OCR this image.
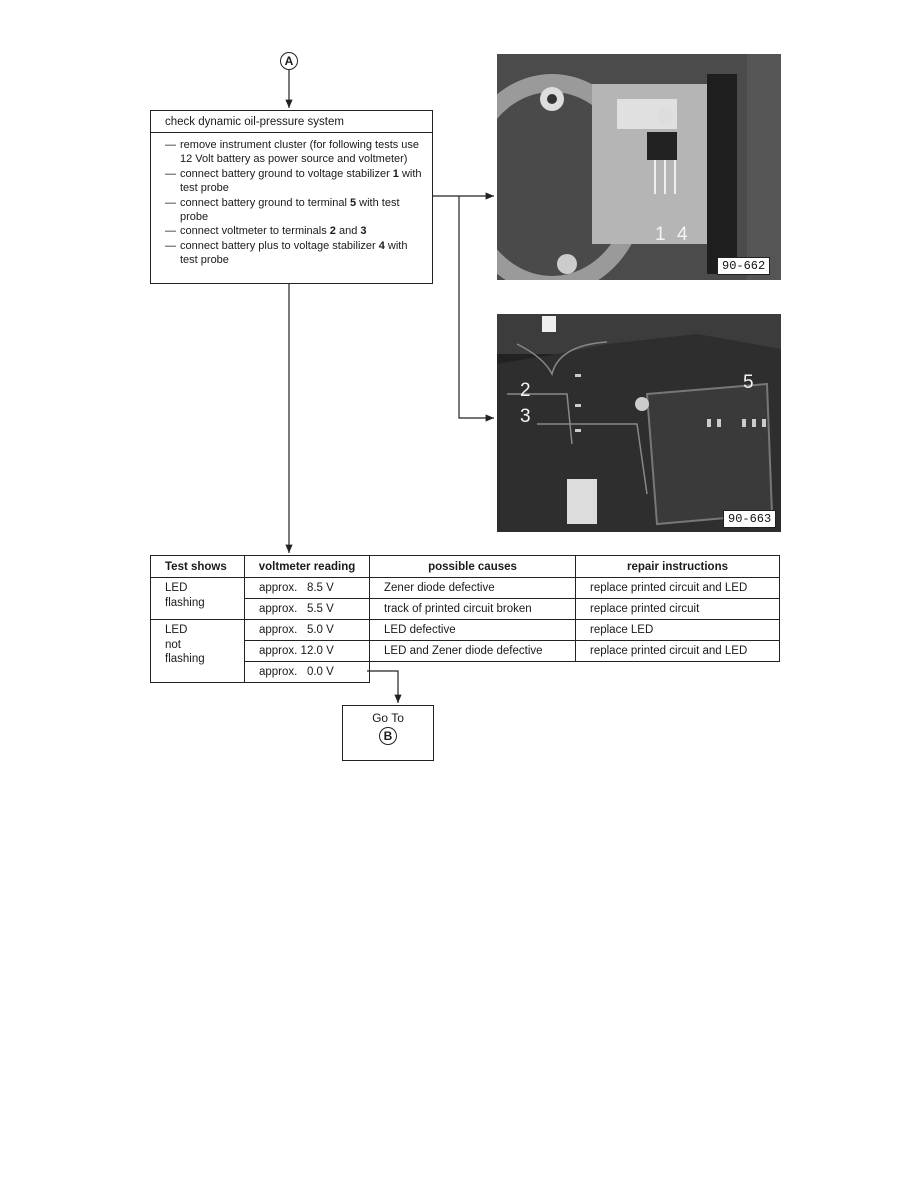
A
check dynamic oil-pressure system
— remove instrument cluster (for following tests use 12 Volt battery as power source and voltmeter)
— connect battery ground to voltage stabilizer 1 with test probe
— connect battery ground to terminal 5 with test probe
— connect voltmeter to terminals 2 and 3
— connect battery plus to voltage stabilizer 4 with test probe
1 4
90-662
2
3
5
90-663
Test shows	voltmeter reading	possible causes	repair instructions
LED
flashing	approx.   8.5 V	Zener diode defective	replace printed circuit and LED
	approx.   5.5 V	track of printed circuit broken	replace printed circuit
LED
not
flashing	approx.   5.0 V	LED defective	replace LED
	approx. 12.0 V	LED and Zener diode defective	replace printed circuit and LED
	approx.   0.0 V		
Go To
B
